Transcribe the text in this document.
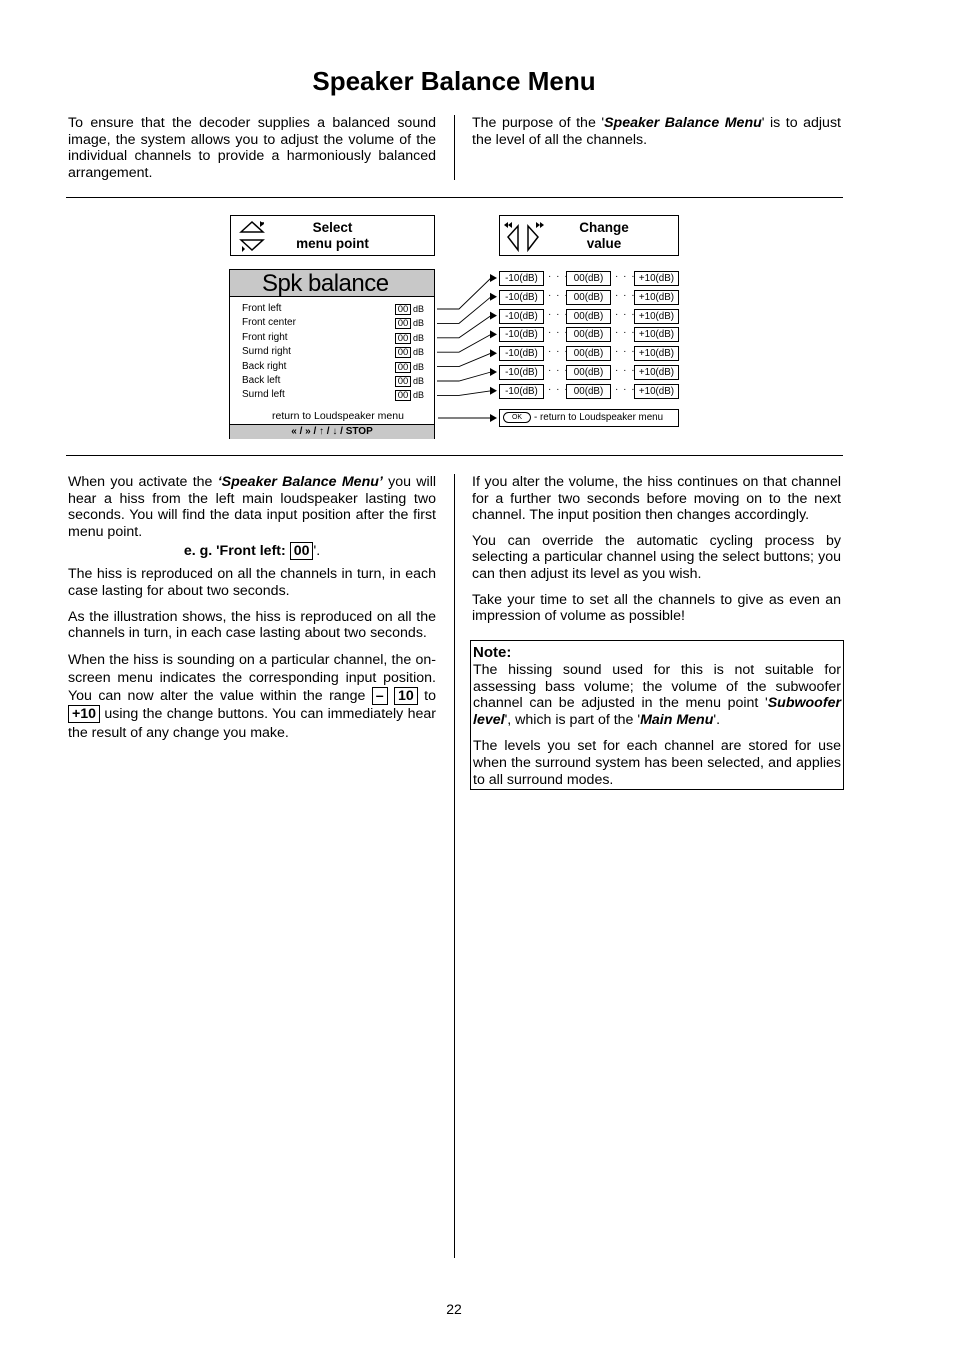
Speaker Balance Menu
To ensure that the decoder supplies a balanced sound image, the system allows you to adjust the volume of the individual channels to provide a harmoniously balanced arrangement.
The purpose of the 'Speaker Balance Menu' is to adjust the level of all the channels.
Select
menu point
Change
value
Spk balance
Front left	00 dB
Front center	00 dB
Front right	00 dB
Surnd right	00 dB
Back right	00 dB
Back left	00 dB
Surnd left	00 dB
return to Loudspeaker menu
« / » / ↑ / ↓ / STOP
-10(dB)	00(dB)	+10(dB)
· · ·	· · ·
-10(dB)	00(dB)	+10(dB)
· · ·	· · ·
-10(dB)	00(dB)	+10(dB)
· · ·	· · ·
-10(dB)	00(dB)	+10(dB)
· · ·	· · ·
-10(dB)	00(dB)	+10(dB)
· · ·	· · ·
-10(dB)	00(dB)	+10(dB)
· · ·	· · ·
-10(dB)	00(dB)	+10(dB)
· · ·	· · ·
OK - return to Loudspeaker menu

When you activate the ‘Speaker Balance Menu’ you will hear a hiss from the left main loudspeaker lasting two seconds. You will find the data input position after the first menu point.

e. g. 'Front left: 00 '.

The hiss is reproduced on all the channels in turn, in each case lasting for about two seconds.

As the illustration shows, the hiss is reproduced on all the channels in turn, in each case lasting about two seconds.

When the hiss is sounding on a particular channel, the on-screen menu indicates the corresponding input position. You can now alter the value within the range – 10 to +10 using the change buttons. You can immediately hear the result of any change you make.

If you alter the volume, the hiss continues on that channel for a further two seconds before moving on to the next channel. The input position then changes accordingly.

You can override the automatic cycling process by selecting a particular channel using the select buttons; you can then adjust its level as you wish.

Take your time to set all the channels to give as even an impression of volume as possible!

Note:

The hissing sound used for this is not suitable for assessing bass volume; the volume of the subwoofer channel can be adjusted in the menu point 'Subwoofer level', which is part of the 'Main Menu'.

The levels you set for each channel are stored for use when the surround system has been selected, and applies to all surround modes.

22
